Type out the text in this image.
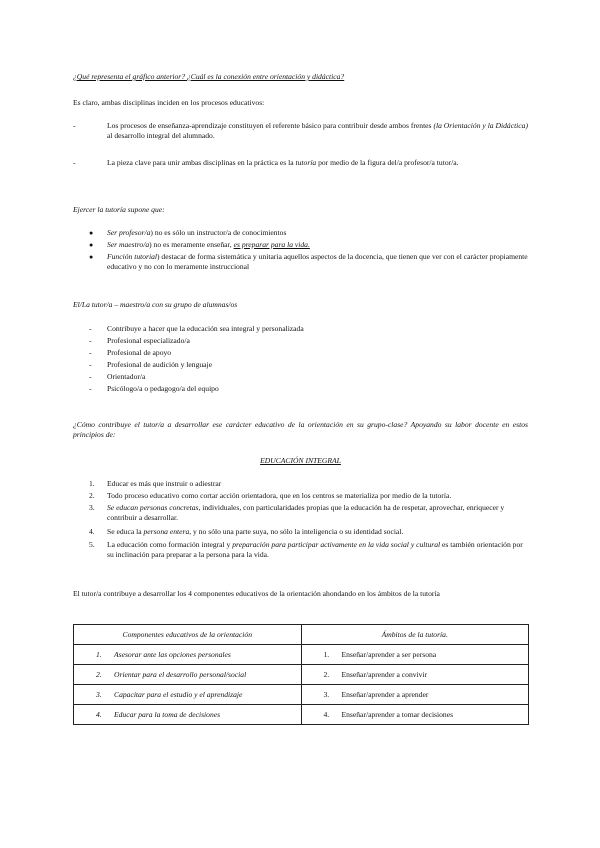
¿Qué representa el gráfico anterior? ¿Cuál es la conexión entre orientación y didáctica?
Es claro, ambas disciplinas inciden en los procesos educativos:
-	Los procesos de enseñanza-aprendizaje constituyen el referente básico para contribuir desde ambos frentes (la Orientación y la Didáctica) al desarrollo integral del alumnado.
-	La pieza clave para unir ambas disciplinas en la práctica es la tutoría por medio de la figura del/a profesor/a tutor/a.
Ejercer la tutoría supone que:
● Ser profesor/a) no es sólo un instructor/a de conocimientos
● Ser maestro/a) no es meramente enseñar, es preparar para la vida.
● Función tutorial) destacar de forma sistemática y unitaria aquellos aspectos de la docencia, que tienen que ver con el carácter propiamente educativo y no con lo meramente instruccional
El/La tutor/a – maestro/a con su grupo de alumnas/os
- Contribuye a hacer que la educación sea integral y personalizada
- Profesional especializado/a
- Profesional de apoyo
- Profesional de audición y lenguaje
- Orientador/a
- Psicólogo/a o pedagogo/a del equipo
¿Cómo contribuye el tutor/a a desarrollar ese carácter educativo de la orientación en su grupo-clase? Apoyando su labor docente en estos principios de:
EDUCACIÓN INTEGRAL
1. Educar es más que instruir o adiestrar
2. Todo proceso educativo como cortar acción orientadora, que en los centros se materializa por medio de la tutoría.
3. Se educan personas concretas, individuales, con particularidades propias que la educación ha de respetar, aprovechar, enriquecer y contribuir a desarrollar.
4. Se educa la persona entera, y no sólo una parte suya, no sólo la inteligencia o su identidad social.
5. La educación como formación integral y preparación para participar activamente en la vida social y cultural es también orientación por su inclinación para preparar a la persona para la vida.
El tutor/a contribuye a desarrollar los 4 componentes educativos de la orientación ahondando en los ámbitos de la tutoría
Componentes educativos de la orientación	Ámbitos de la tutoría.
1. Asesorar ante las opciones personales	1. Enseñar/aprender a ser persona
2. Orientar para el desarrollo personal/social	2. Enseñar/aprender a convivir
3. Capacitar para el estudio y el aprendizaje	3. Enseñar/aprender a aprender
4. Educar para la toma de decisiones	4. Enseñar/aprender a tomar decisiones
